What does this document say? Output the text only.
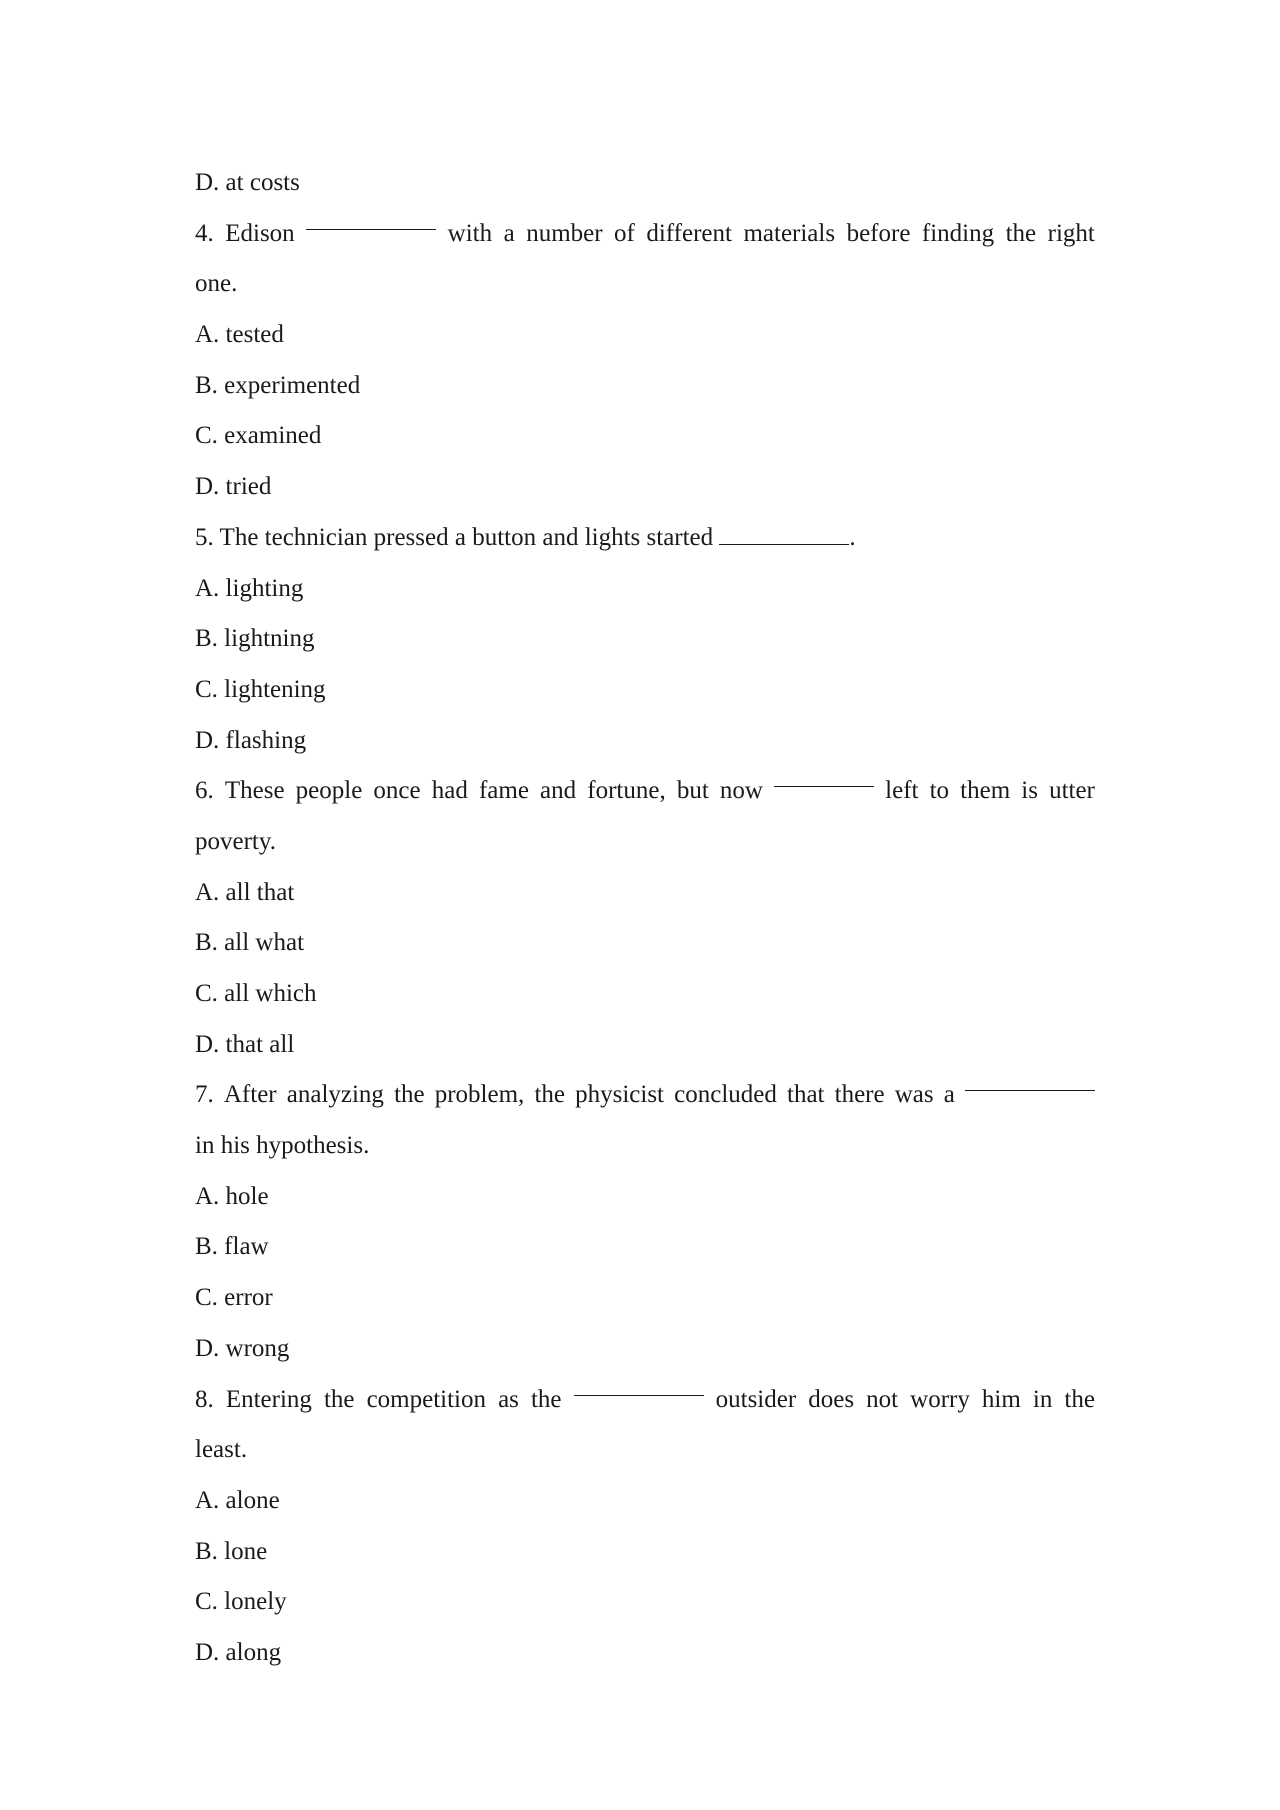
D. at costs
4. Edison	with a number of different materials before finding the right
one.
A. tested
B. experimented
C. examined
D. tried
5. The technician pressed a button and lights started	.
A. lighting
B. lightning
C. lightening
D. flashing
6. These people once had fame and fortune, but now	left to them is utter
poverty.
A. all that
B. all what
C. all which
D. that all
7. After analyzing the problem, the physicist concluded that there was a
in his hypothesis.
A. hole
B. flaw
C. error
D. wrong
8. Entering the competition as the	outsider does not worry him in the
least.
A. alone
B. lone
C. lonely
D. along
